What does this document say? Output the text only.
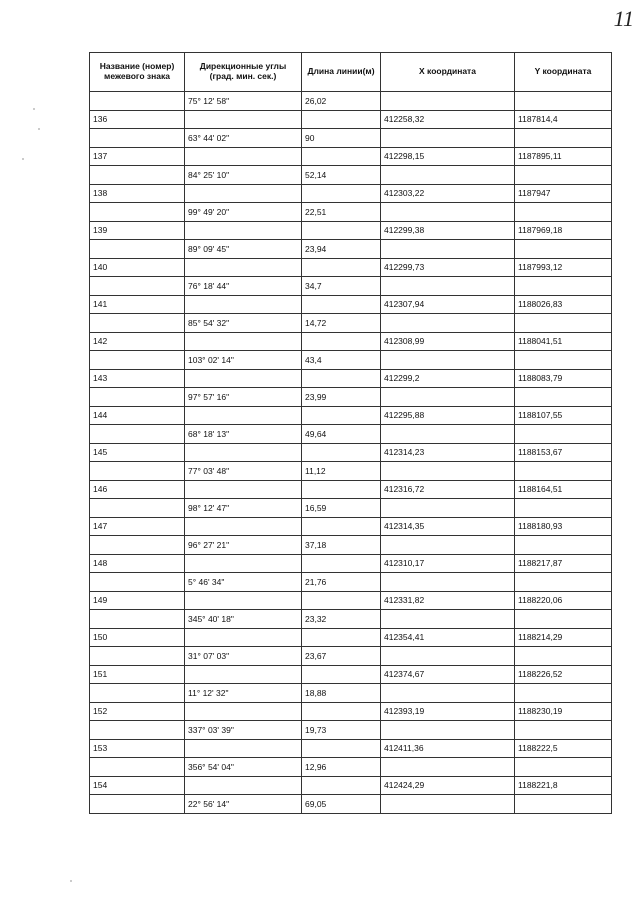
11
Название (номер) межевого знака	Дирекционные углы (град. мин. сек.)	Длина линии(м)	X координата	Y координата
	75° 12' 58"	26,02		
136			412258,32	1187814,4
	63° 44' 02"	90		
137			412298,15	1187895,11
	84° 25' 10"	52,14		
138			412303,22	1187947
	99° 49' 20"	22,51		
139			412299,38	1187969,18
	89° 09' 45"	23,94		
140			412299,73	1187993,12
	76° 18' 44"	34,7		
141			412307,94	1188026,83
	85° 54' 32"	14,72		
142			412308,99	1188041,51
	103° 02' 14"	43,4		
143			412299,2	1188083,79
	97° 57' 16"	23,99		
144			412295,88	1188107,55
	68° 18' 13"	49,64		
145			412314,23	1188153,67
	77° 03' 48"	11,12		
146			412316,72	1188164,51
	98° 12' 47"	16,59		
147			412314,35	1188180,93
	96° 27' 21"	37,18		
148			412310,17	1188217,87
	5° 46' 34"	21,76		
149			412331,82	1188220,06
	345° 40' 18"	23,32		
150			412354,41	1188214,29
	31° 07' 03"	23,67		
151			412374,67	1188226,52
	11° 12' 32"	18,88		
152			412393,19	1188230,19
	337° 03' 39"	19,73		
153			412411,36	1188222,5
	356° 54' 04"	12,96		
154			412424,29	1188221,8
	22° 56' 14"	69,05		
